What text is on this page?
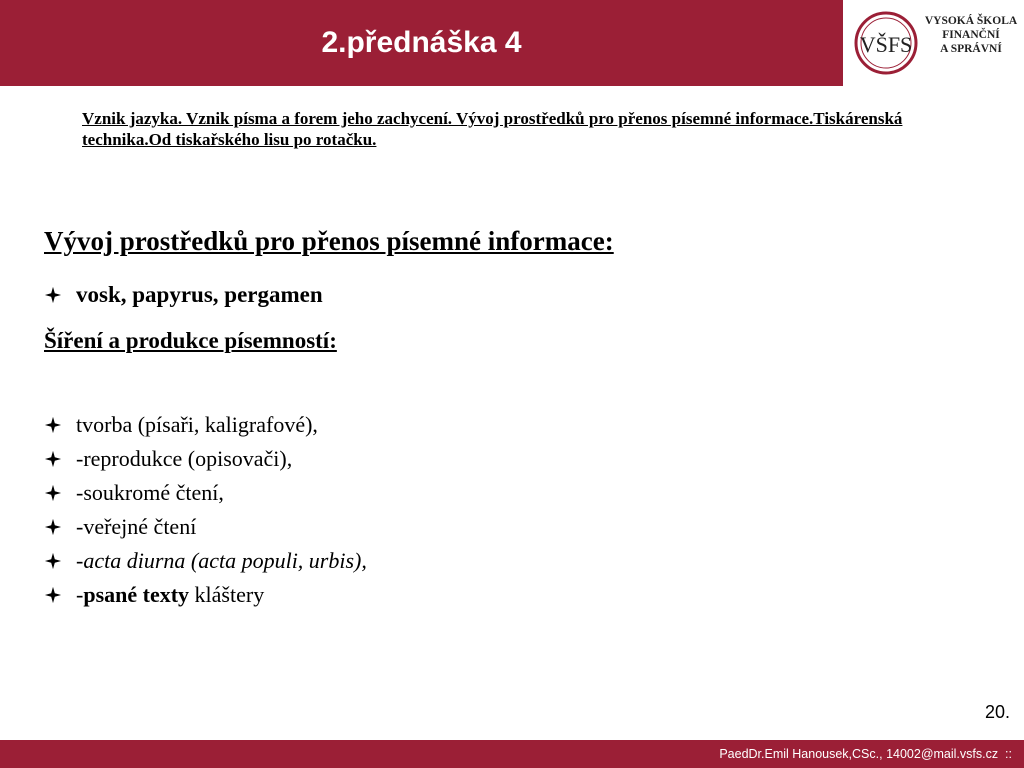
2.přednáška 4	VŠFS
VYSOKÁ ŠKOLA
FINANČNÍ
A SPRÁVNÍ
Vznik jazyka. Vznik písma a forem jeho zachycení. Vývoj prostředků pro přenos písemné informace.Tiskárenská technika.Od tiskařského lisu po rotačku.
Vývoj prostředků pro přenos písemné informace:
vosk, papyrus, pergamen
Šíření a produkce písemností:
tvorba (písaři, kaligrafové),
-reprodukce (opisovači),
-soukromé čtení,
-veřejné čtení
-acta diurna (acta populi, urbis),
- psané texty kláštery
20.
PaedDr.Emil Hanousek,CSc., 14002@mail.vsfs.cz  ::
